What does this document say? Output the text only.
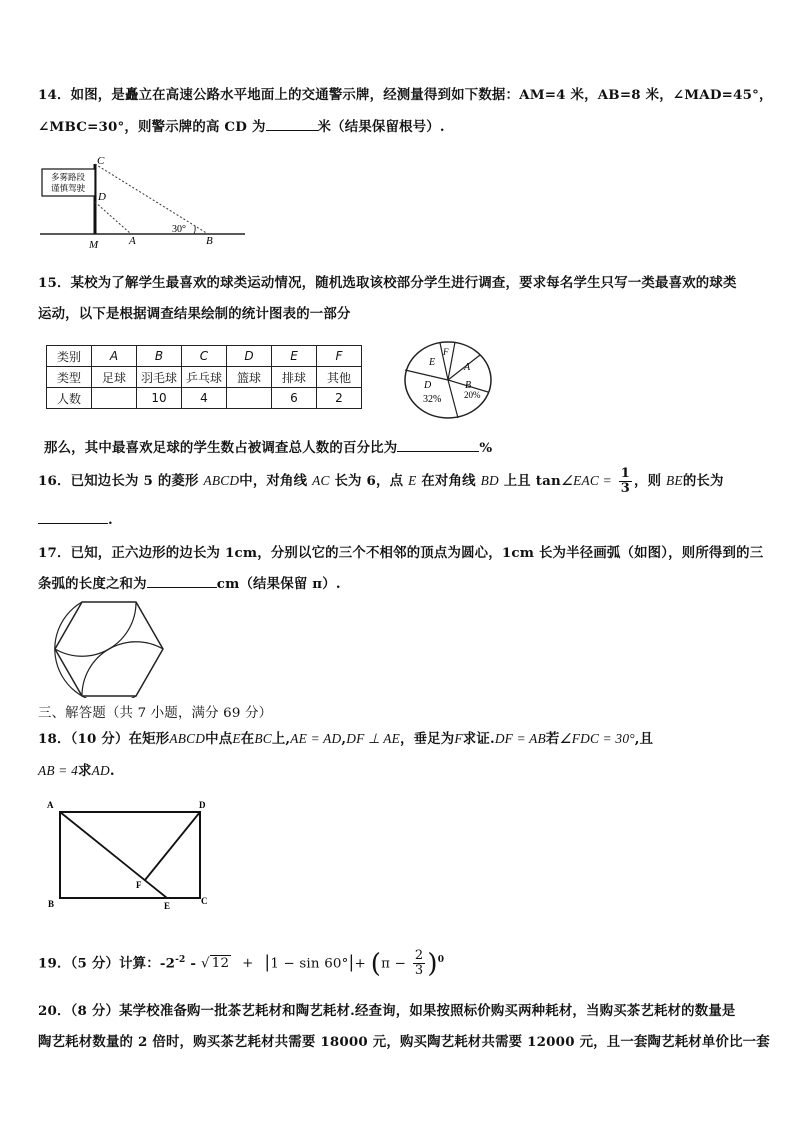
14．如图，是矗立在高速公路水平地面上的交通警示牌，经测量得到如下数据：AM=4 米，AB=8 米，∠MAD=45°，
∠MBC=30°，则警示牌的高 CD 为	米（结果保留根号）.
多雾路段
谨慎驾驶
30°
C
D
M	A	B
15．某校为了解学生最喜欢的球类运动情况，随机选取该校部分学生进行调查，要求每名学生只写一类最喜欢的球类
运动，以下是根据调查结果绘制的统计图表的一部分
类别	A	B	C	D	E	F
类型	足球	羽毛球	乒乓球	篮球	排球	其他
人数		10	4		6	2
E
F
A
D
32%
B
20%
那么，其中最喜欢足球的学生数占被调查总人数的百分比为	%
16．已知边长为 5 的菱形 ABCD中，对角线 AC 长为 6，点 E 在对角线 BD 上且 tan∠EAC = $\frac{1}{3}$ ，则 BE的长为
.
17．已知，正六边形的边长为 1cm，分别以它的三个不相邻的顶点为圆心，1cm 长为半径画弧（如图），则所得到的三
条弧的长度之和为	cm（结果保留 π）.
三、解答题（共 7 小题，满分 69 分）
18．（10 分）在矩形ABCD中点E在BC上,AE = AD,DF ⊥ AE，垂足为F求证.DF = AB若∠FDC = 30°,且
AB = 4求AD.
A	D
B	C
E
F
19．（5 分）计算：$-2^{-2}$ - √ $12 + |1 - \sin 60^\circ|+ (\pi - \frac{2}{3} )^0$
20．（8 分）某学校准备购一批茶艺耗材和陶艺耗材.经查询，如果按照标价购买两种耗材，当购买茶艺耗材的数量是
陶艺耗材数量的 2 倍时，购买茶艺耗材共需要 18000 元，购买陶艺耗材共需要 12000 元，且一套陶艺耗材单价比一套
